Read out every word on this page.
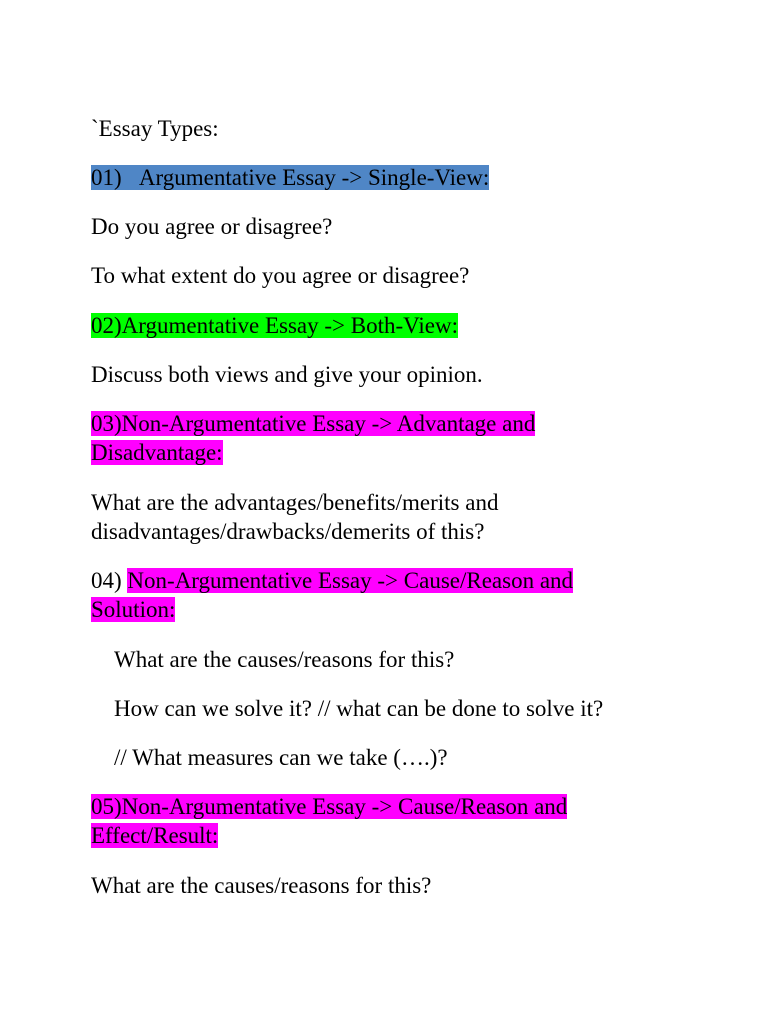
`Essay Types:
01) Argumentative Essay -> Single-View:
Do you agree or disagree?
To what extent do you agree or disagree?
02)Argumentative Essay -> Both-View:
Discuss both views and give your opinion.
03)Non-Argumentative Essay -> Advantage and
Disadvantage:
What are the advantages/benefits/merits and
disadvantages/drawbacks/demerits of this?
04) Non-Argumentative Essay -> Cause/Reason and
Solution:
What are the causes/reasons for this?
How can we solve it? // what can be done to solve it?
// What measures can we take (….)?
05)Non-Argumentative Essay -> Cause/Reason and
Effect/Result:
What are the causes/reasons for this?
